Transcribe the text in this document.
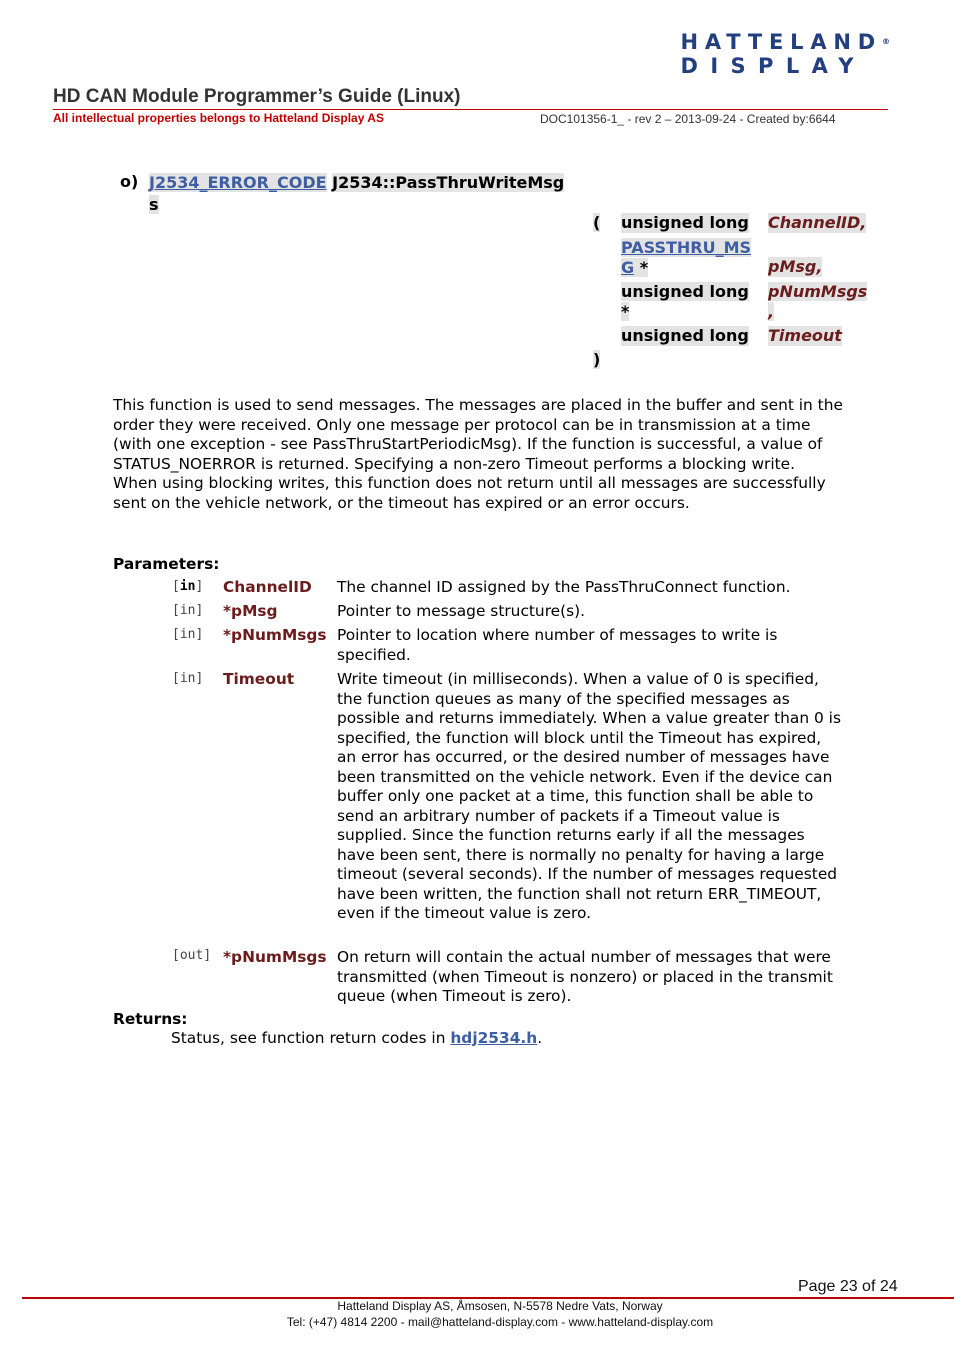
HATTELAND®
DISPLAY
HD CAN Module Programmer’s Guide (Linux)
All intellectual properties belongs to Hatteland Display AS	DOC101356-1_ - rev 2 – 2013-09-24 - Created by:6644
o) J2534_ERROR_CODE J2534::PassThruWriteMsg
s
( unsigned long ChannelID,
PASSTHRU_MS
G *	pMsg,
unsigned long
*
pNumMsgs
,
unsigned long Timeout
)
This function is used to send messages. The messages are placed in the buffer and sent in the order they were received. Only one message per protocol can be in transmission at a time (with one exception - see PassThruStartPeriodicMsg). If the function is successful, a value of STATUS_NOERROR is returned. Specifying a non-zero Timeout performs a blocking write. When using blocking writes, this function does not return until all messages are successfully sent on the vehicle network, or the timeout has expired or an error occurs.
Parameters:
[in] ChannelID The channel ID assigned by the PassThruConnect function.
[in] *pMsg	Pointer to message structure(s).
[in] *pNumMsgs Pointer to location where number of messages to write is specified.
[in] Timeout	Write timeout (in milliseconds). When a value of 0 is specified, the function queues as many of the specified messages as possible and returns immediately. When a value greater than 0 is specified, the function will block until the Timeout has expired, an error has occurred, or the desired number of messages have been transmitted on the vehicle network. Even if the device can buffer only one packet at a time, this function shall be able to send an arbitrary number of packets if a Timeout value is supplied. Since the function returns early if all the messages have been sent, there is normally no penalty for having a large timeout (several seconds). If the number of messages requested have been written, the function shall not return ERR_TIMEOUT, even if the timeout value is zero.
[out] *pNumMsgs On return will contain the actual number of messages that were transmitted (when Timeout is nonzero) or placed in the transmit queue (when Timeout is zero).
Returns:
Status, see function return codes in hdj2534.h.
Page 23 of 24
Hatteland Display AS, Åmsosen, N-5578 Nedre Vats, Norway
Tel: (+47) 4814 2200 - mail@hatteland-display.com - www.hatteland-display.com
